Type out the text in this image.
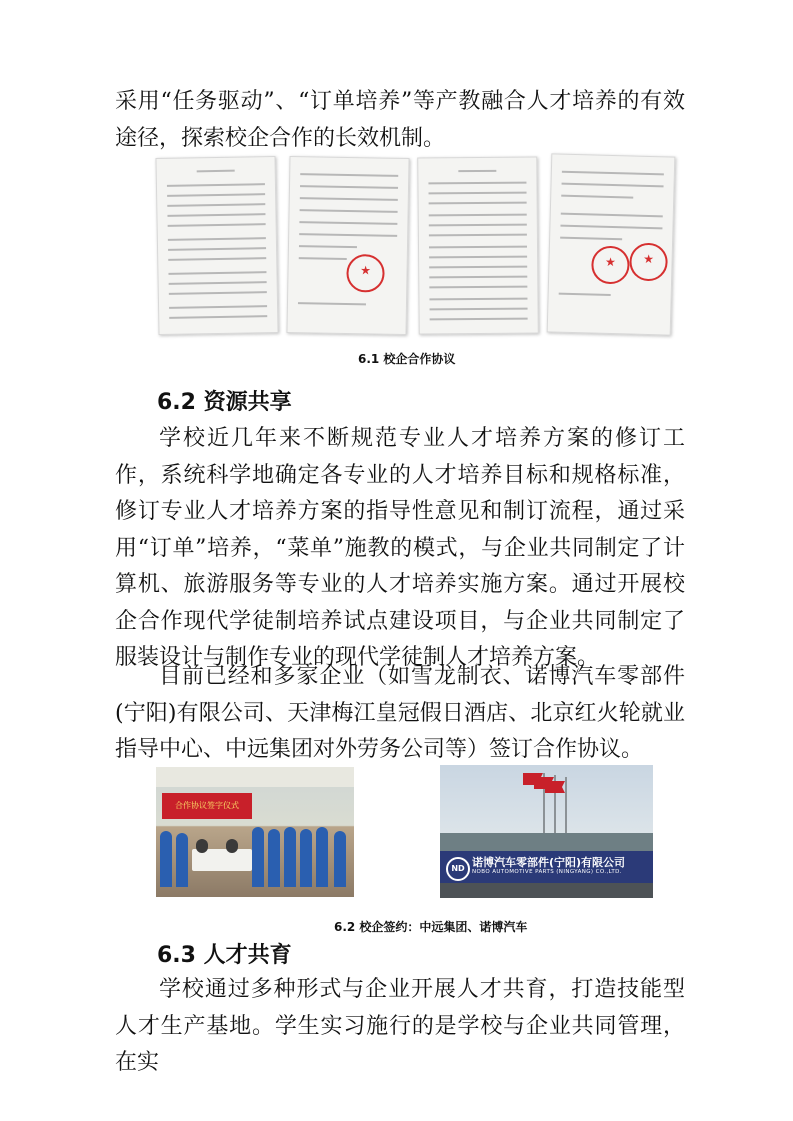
采用“任务驱动”、“订单培养”等产教融合人才培养的有效途径，探索校企合作的长效机制。

★
★
★

6.1 校企合作协议

6.2 资源共享

学校近几年来不断规范专业人才培养方案的修订工作，系统科学地确定各专业的人才培养目标和规格标准，修订专业人才培养方案的指导性意见和制订流程，通过采用“订单”培养，“菜单”施教的模式，与企业共同制定了计算机、旅游服务等专业的人才培养实施方案。通过开展校企合作现代学徒制培养试点建设项目，与企业共同制定了服装设计与制作专业的现代学徒制人才培养方案。

目前已经和多家企业（如雪龙制衣、诺博汽车零部件(宁阳)有限公司、天津梅江皇冠假日酒店、北京红火轮就业指导中心、中远集团对外劳务公司等）签订合作协议。

合作协议签字仪式
ND 诺博汽车零部件(宁阳)有限公司
NOBO AUTOMOTIVE PARTS (NINGYANG) CO.,LTD.

6.2 校企签约：中远集团、诺博汽车

6.3 人才共育

学校通过多种形式与企业开展人才共育，打造技能型人才生产基地。学生实习施行的是学校与企业共同管理，在实
